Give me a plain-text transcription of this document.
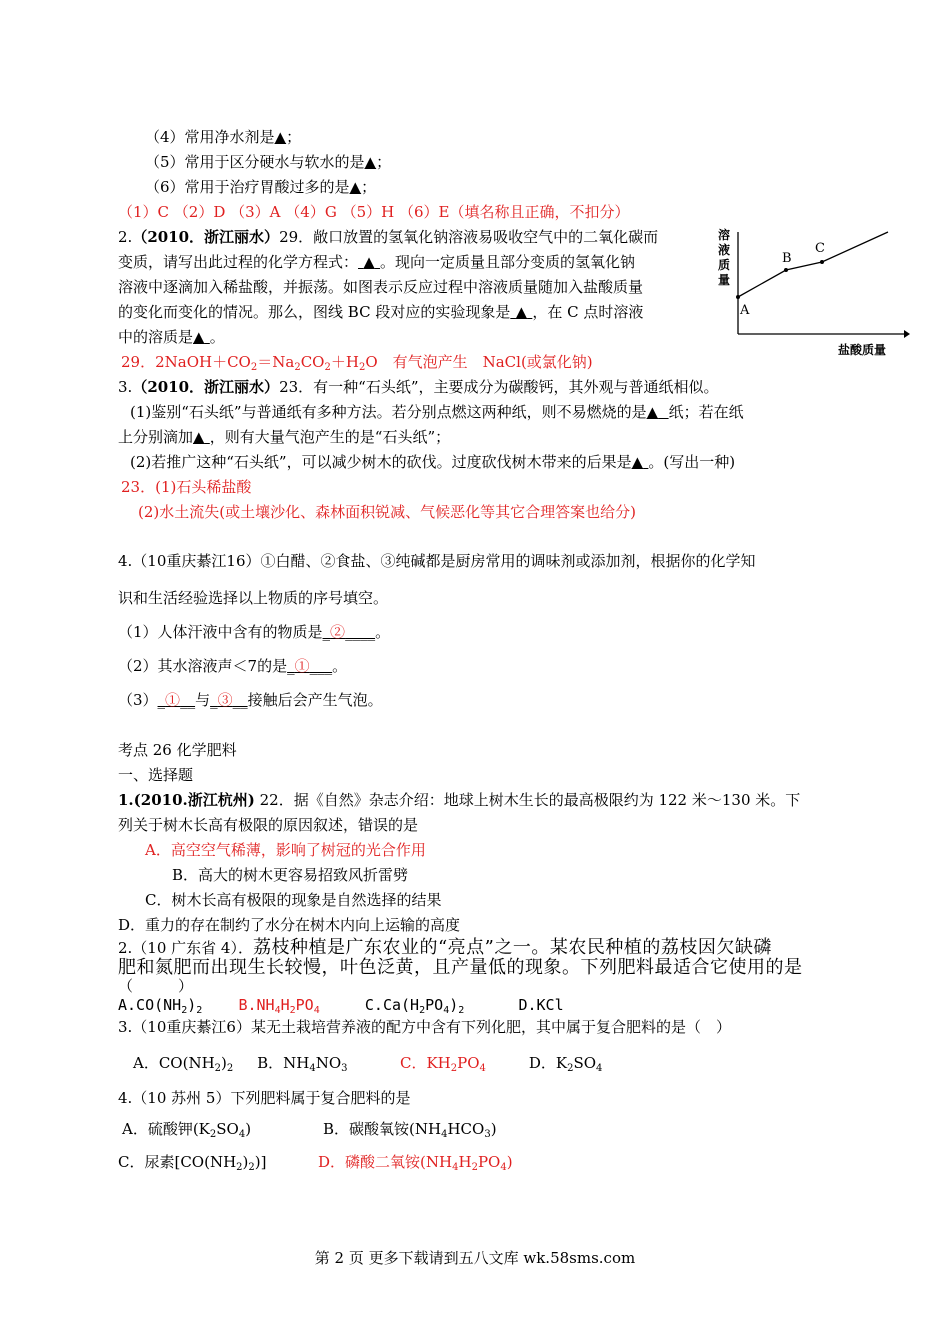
（4）常用净水剂是▲；
（5）常用于区分硬水与软水的是▲；
（6）常用于治疗胃酸过多的是▲；
（1）C （2）D （3）A （4）G （5）H （6）E（填名称且正确，不扣分）
2.（2010．浙江丽水）29．敞口放置的氢氧化钠溶液易吸收空气中的二氧化碳而
变质，请写出此过程的化学方程式： ▲ 。现向一定质量且部分变质的氢氧化钠
溶液中逐滴加入稀盐酸，并振荡。如图表示反应过程中溶液质量随加入盐酸质量
的变化而变化的情况。那么，图线 BC 段对应的实验现象是 ▲ ，在 C 点时溶液
中的溶质是▲ 。
29．$2NaOH+CO_2=Na_2CO_2+H_2O$　有气泡产生　NaCl(或氯化钠)
A
B
C
溶
液
质
量
盐酸质量
3.（2010．浙江丽水）23．有一种“石头纸”，主要成分为碳酸钙，其外观与普通纸相似。
(1)鉴别“石头纸”与普通纸有多种方法。若分别点燃这两种纸，则不易燃烧的是▲ 纸；若在纸
上分别滴加▲ ，则有大量气泡产生的是“石头纸”；
(2)若推广这种“石头纸”，可以减少树木的砍伐。过度砍伐树木带来的后果是▲ 。(写出一种)
23．(1)石头稀盐酸
(2)水土流失(或土壤沙化、森林面积锐减、气候恶化等其它合理答案也给分)
4.（10重庆綦江16）①白醋、②食盐、③纯碱都是厨房常用的调味剂或添加剂，根据你的化学知
识和生活经验选择以上物质的序号填空。
（1）人体汗液中含有的物质是_②____。
（2）其水溶液声＜7的是_①___。
（3）_①__与_③__接触后会产生气泡。
考点 26 化学肥料
一、选择题
1.(2010.浙江杭州) 22．据《自然》杂志介绍：地球上树木生长的最高极限约为 122 米～130 米。下
列关于树木长高有极限的原因叙述，错误的是
A．高空空气稀薄，影响了树冠的光合作用
B．高大的树木更容易招致风折雷劈
C．树木长高有极限的现象是自然选择的结果
D．重力的存在制约了水分在树木内向上运输的高度
2.（10 广东省 4）．荔枝种植是广东农业的“亮点”之一。某农民种植的荔枝因欠缺磷
肥和氮肥而出现生长较慢，叶色泛黄，且产量低的现象。下列肥料最适合它使用的是
（　　　）
$A.CO(NH_2)_2$ $B.NH_4H_2PO_4$	$C.Ca(H_2PO_4)_2$	D.KCl
3.（10重庆綦江6）某无土栽培营养液的配方中含有下列化肥，其中属于复合肥料的是（　）
A．$CO(NH_2)_2$ B．$NH_4NO_3$	C．$KH_2PO_4$	D．$K_2SO_4$
4.（10 苏州 5）下列肥料属于复合肥料的是
A．硫酸钾$(K_2SO_4)$	B．碳酸氧铵$(NH_4HCO_3)$
C．尿素$[CO(NH_2)_2)$]	D．磷酸二氧铵$(NH_4H_2PO_4)$
第 2 页 更多下载请到五八文库 wk.58sms.com
